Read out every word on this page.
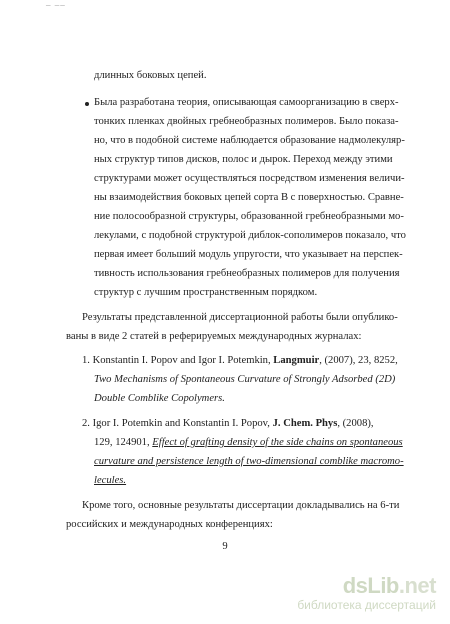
– ––
длинных боковых цепей.
Была разработана теория, описывающая самоорганизацию в сверх-
тонких пленках двойных гребнеобразных полимеров. Было показа-
но, что в подобной системе наблюдается образование надмолекуляр-
ных структур типов дисков, полос и дырок. Переход между этими
структурами может осуществляться посредством изменения величи-
ны взаимодействия боковых цепей сорта B с поверхностью. Сравне-
ние полосообразной структуры, образованной гребнеобразными мо-
лекулами, с подобной структурой диблок-сополимеров показало, что
первая имеет больший модуль упругости, что указывает на перспек-
тивность использования гребнеобразных полимеров для получения
структур с лучшим пространственным порядком.
Результаты представленной диссертационной работы были опублико-
ваны в виде 2 статей в реферируемых международных журналах:
1. Konstantin I. Popov and Igor I. Potemkin, Langmuir, (2007), 23, 8252,
Two Mechanisms of Spontaneous Curvature of Strongly Adsorbed (2D)
Double Comblike Copolymers.
2. Igor I. Potemkin and Konstantin I. Popov, J. Chem. Phys, (2008),
129, 124901, Effect of grafting density of the side chains on spontaneous
curvature and persistence length of two-dimensional comblike macromo-
lecules.
Кроме того, основные результаты диссертации докладывались на 6-ти
российских и международных конференциях:
9
dsLib.net
библиотека диссертаций
